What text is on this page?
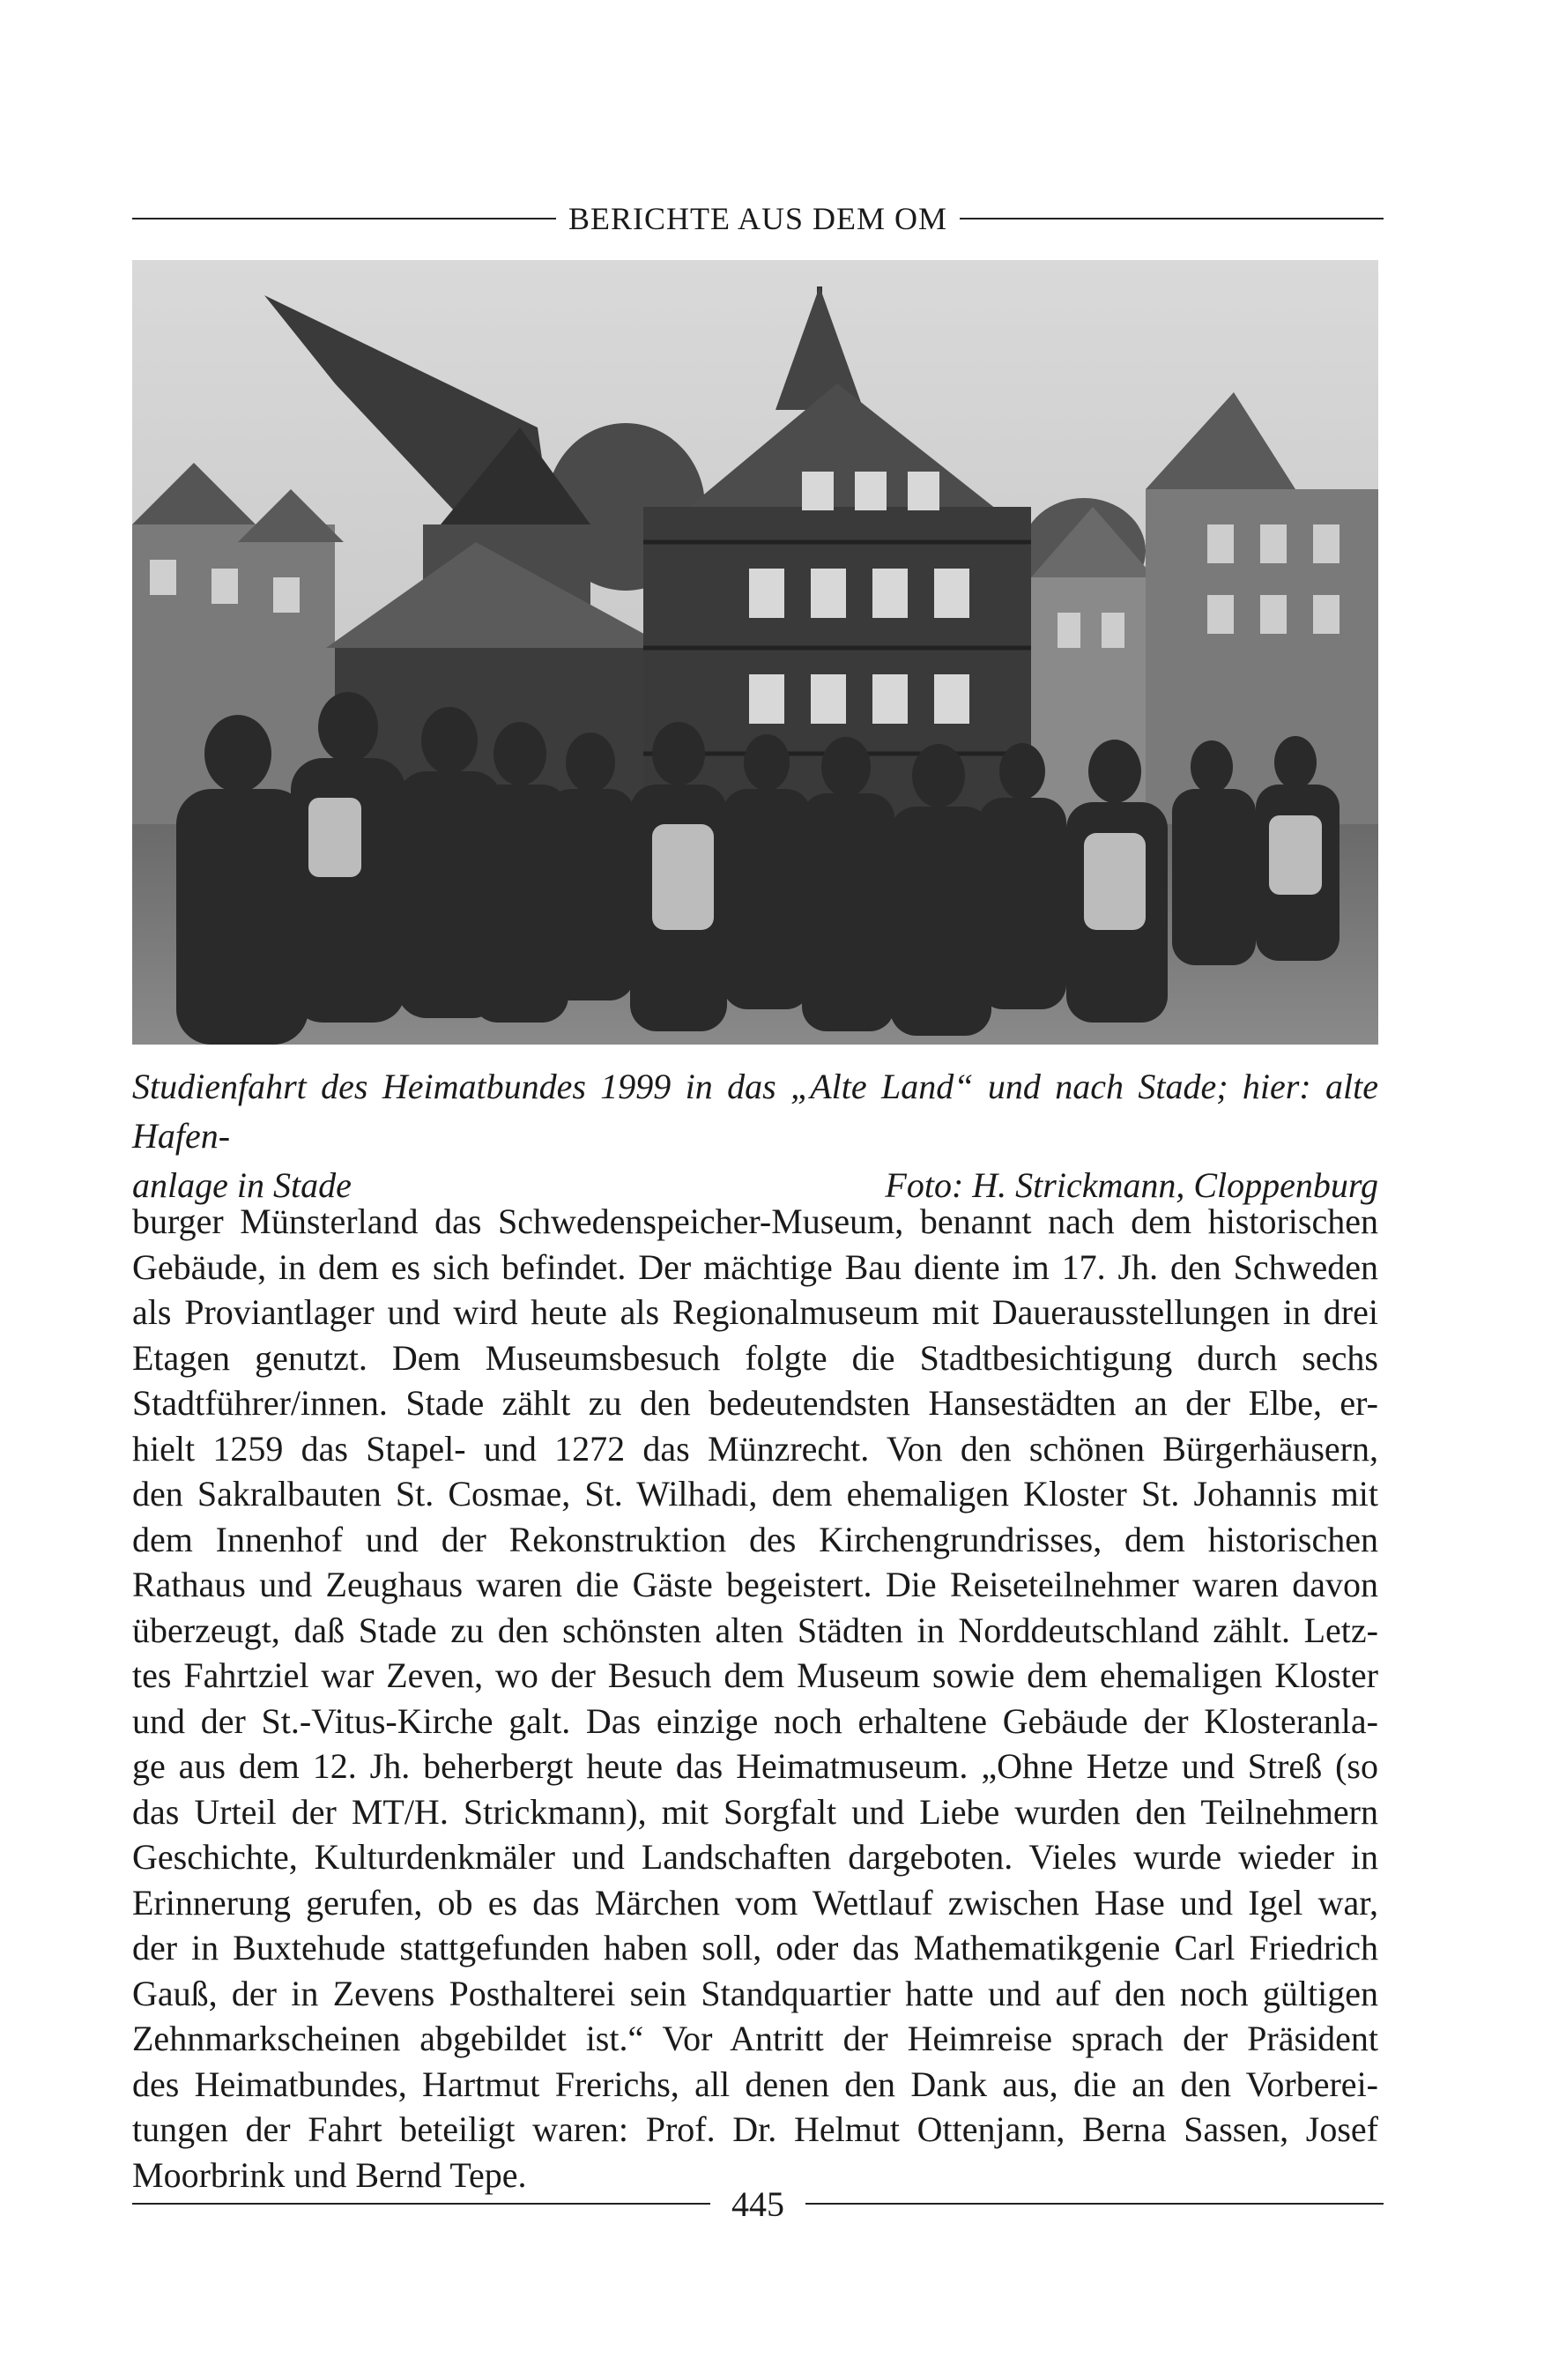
BERICHTE AUS DEM OM
Studienfahrt des Heimatbundes 1999 in das „Alte Land“ und nach Stade; hier: alte Hafen-
anlage in Stade	Foto: H. Strickmann, Cloppenburg
burger Münsterland das Schwedenspeicher-Museum, benannt nach dem historischen
Gebäude, in dem es sich befindet. Der mächtige Bau diente im 17. Jh. den Schweden
als Proviantlager und wird heute als Regionalmuseum mit Dauerausstellungen in drei
Etagen genutzt. Dem Museumsbesuch folgte die Stadtbesichtigung durch sechs
Stadtführer/innen. Stade zählt zu den bedeutendsten Hansestädten an der Elbe, er-
hielt 1259 das Stapel- und 1272 das Münzrecht. Von den schönen Bürgerhäusern,
den Sakralbauten St. Cosmae, St. Wilhadi, dem ehemaligen Kloster St. Johannis mit
dem Innenhof und der Rekonstruktion des Kirchengrundrisses, dem historischen
Rathaus und Zeughaus waren die Gäste begeistert. Die Reiseteilnehmer waren davon
überzeugt, daß Stade zu den schönsten alten Städten in Norddeutschland zählt. Letz-
tes Fahrtziel war Zeven, wo der Besuch dem Museum sowie dem ehemaligen Kloster
und der St.-Vitus-Kirche galt. Das einzige noch erhaltene Gebäude der Klosteranla-
ge aus dem 12. Jh. beherbergt heute das Heimatmuseum. „Ohne Hetze und Streß (so
das Urteil der MT/H. Strickmann), mit Sorgfalt und Liebe wurden den Teilnehmern
Geschichte, Kulturdenkmäler und Landschaften dargeboten. Vieles wurde wieder in
Erinnerung gerufen, ob es das Märchen vom Wettlauf zwischen Hase und Igel war,
der in Buxtehude stattgefunden haben soll, oder das Mathematikgenie Carl Friedrich
Gauß, der in Zevens Posthalterei sein Standquartier hatte und auf den noch gültigen
Zehnmarkscheinen abgebildet ist.“ Vor Antritt der Heimreise sprach der Präsident
des Heimatbundes, Hartmut Frerichs, all denen den Dank aus, die an den Vorberei-
tungen der Fahrt beteiligt waren: Prof. Dr. Helmut Ottenjann, Berna Sassen, Josef
Moorbrink und Bernd Tepe.
445
